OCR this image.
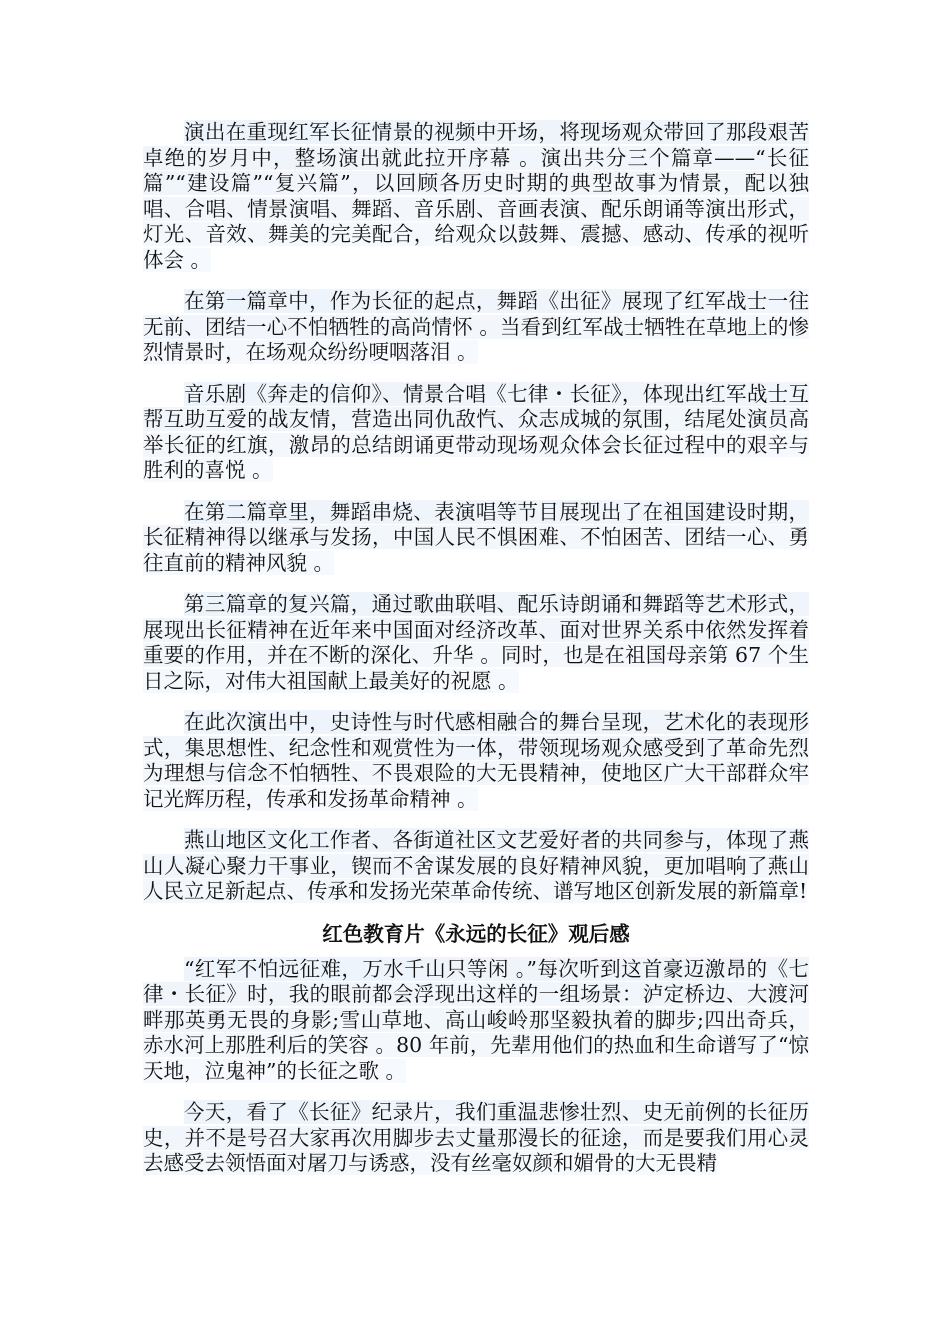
演出在重现红军长征情景的视频中开场，将现场观众带回了那段艰苦卓绝的岁月中，整场演出就此拉开序幕 。演出共分三个篇章——“长征篇”“建设篇”“复兴篇”，以回顾各历史时期的典型故事为情景，配以独唱、合唱、情景演唱、舞蹈、音乐剧、音画表演、配乐朗诵等演出形式，灯光、音效、舞美的完美配合，给观众以鼓舞、震撼、感动、传承的视听体会 。

在第一篇章中，作为长征的起点，舞蹈《出征》展现了红军战士一往无前、团结一心不怕牺牲的高尚情怀 。当看到红军战士牺牲在草地上的惨烈情景时，在场观众纷纷哽咽落泪 。

音乐剧《奔走的信仰》、情景合唱《七律・长征》，体现出红军战士互帮互助互爱的战友情，营造出同仇敌忾、众志成城的氛围，结尾处演员高举长征的红旗，激昂的总结朗诵更带动现场观众体会长征过程中的艰辛与胜利的喜悦 。

在第二篇章里，舞蹈串烧、表演唱等节目展现出了在祖国建设时期，长征精神得以继承与发扬，中国人民不惧困难、不怕困苦、团结一心、勇往直前的精神风貌 。

第三篇章的复兴篇，通过歌曲联唱、配乐诗朗诵和舞蹈等艺术形式，展现出长征精神在近年来中国面对经济改革、面对世界关系中依然发挥着重要的作用，并在不断的深化、升华 。同时，也是在祖国母亲第 67 个生日之际，对伟大祖国献上最美好的祝愿 。

在此次演出中，史诗性与时代感相融合的舞台呈现，艺术化的表现形式，集思想性、纪念性和观赏性为一体，带领现场观众感受到了革命先烈为理想与信念不怕牺牲、不畏艰险的大无畏精神，使地区广大干部群众牢记光辉历程，传承和发扬革命精神 。

燕山地区文化工作者、各街道社区文艺爱好者的共同参与，体现了燕山人凝心聚力干事业，锲而不舍谋发展的良好精神风貌，更加唱响了燕山人民立足新起点、传承和发扬光荣革命传统、谱写地区创新发展的新篇章!

红色教育片《永远的长征》观后感

“红军不怕远征难，万水千山只等闲 。”每次听到这首豪迈激昂的《七律・长征》时，我的眼前都会浮现出这样的一组场景：泸定桥边、大渡河畔那英勇无畏的身影;雪山草地、高山峻岭那坚毅执着的脚步;四出奇兵，赤水河上那胜利后的笑容 。80 年前，先辈用他们的热血和生命谱写了“惊天地，泣鬼神”的长征之歌 。

今天，看了《长征》纪录片，我们重温悲惨壮烈、史无前例的长征历史，并不是号召大家再次用脚步去丈量那漫长的征途，而是要我们用心灵去感受去领悟面对屠刀与诱惑，没有丝毫奴颜和媚骨的大无畏精
